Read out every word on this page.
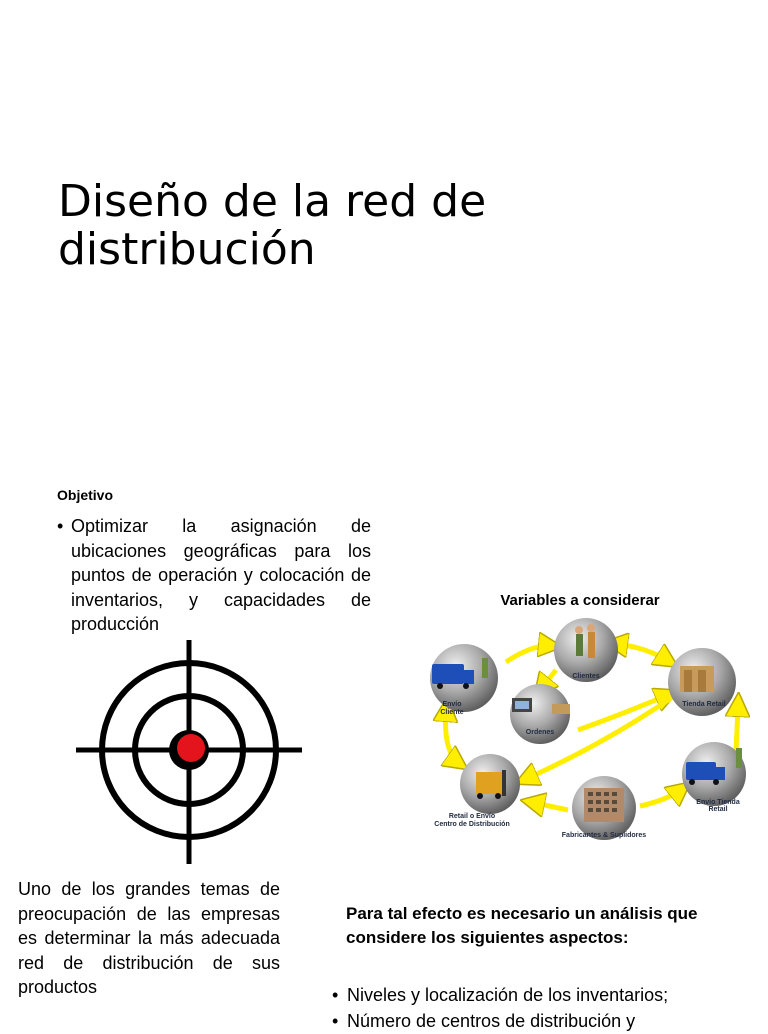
Diseño de la red de distribución
Objetivo
• Optimizar la asignación de ubicaciones geográficas para los puntos de operación y colocación de inventarios, y capacidades de producción

Uno de los grandes temas de preocupación de las empresas es determinar la más adecuada red de distribución de sus productos

Variables a considerar
Clientes
Envío
Cliente
Ordenes
Tienda Retail
Retail o Envío
Centro de Distribución
Fabricantes & Suplidores
Envío Tienda
Retail

Para tal efecto es necesario un análisis que considere los siguientes aspectos:

• Niveles y localización de los inventarios;
• Número de centros de distribución y
